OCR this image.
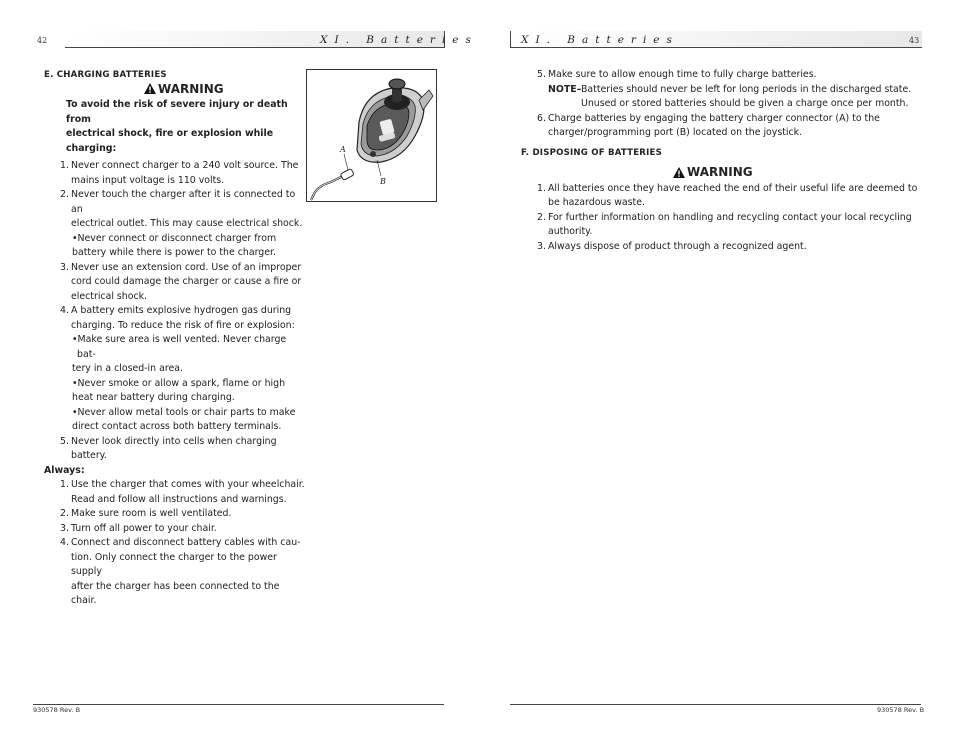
42	XI. Batteries
E. CHARGING BATTERIES
WARNING
To avoid the risk of severe injury or death from
electrical shock, fire or explosion while charging:
1. Never connect charger to a 240 volt source. The
mains input voltage is 110 volts.
2. Never touch the charger after it is connected to an
electrical outlet. This may cause electrical shock.
•Never connect or disconnect charger from
battery while there is power to the charger.
3. Never use an extension cord. Use of an improper
cord could damage the charger or cause a fire or
electrical shock.
4. A battery emits explosive hydrogen gas during
charging. To reduce the risk of fire or explosion:
•Make sure area is well vented. Never charge bat-
tery in a closed-in area.
•Never smoke or allow a spark, flame or high
heat near battery during charging.
•Never allow metal tools or chair parts to make
direct contact across both battery terminals.
5. Never look directly into cells when charging
battery.
Always:
1. Use the charger that comes with your wheelchair.
Read and follow all instructions and warnings.
2. Make sure room is well ventilated.
3. Turn off all power to your chair.
4. Connect and disconnect battery cables with cau-
tion. Only connect the charger to the power supply
after the charger has been connected to the chair.
A
B
930578 Rev. B
XI. Batteries	43
5. Make sure to allow enough time to fully charge batteries.
NOTE– Batteries should never be left for long periods in the discharged state.
Unused or stored batteries should be given a charge once per month.
6. Charge batteries by engaging the battery charger connector (A) to the
charger/programming port (B) located on the joystick.
F. DISPOSING OF BATTERIES
WARNING
1. All batteries once they have reached the end of their useful life are deemed to
be hazardous waste.
2. For further information on handling and recycling contact your local recycling
authority.
3. Always dispose of product through a recognized agent.
930578 Rev. B
